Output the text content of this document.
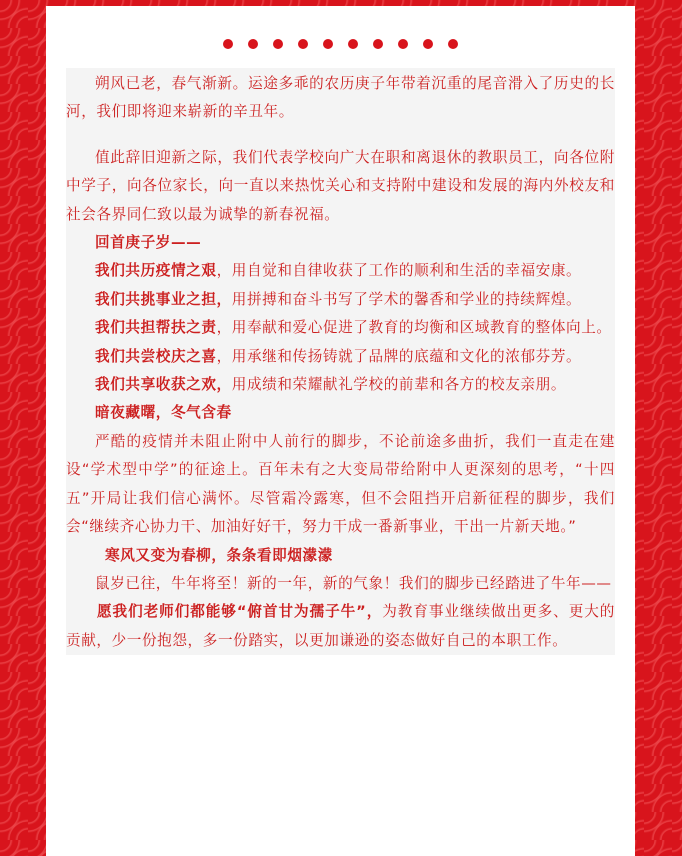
朔风已老，春气渐新。运途多乖的农历庚子年带着沉重的尾音滑入了历史的长河，我们即将迎来崭新的辛丑年。

值此辞旧迎新之际，我们代表学校向广大在职和离退休的教职员工，向各位附中学子，向各位家长，向一直以来热忱关心和支持附中建设和发展的海内外校友和社会各界同仁致以最为诚挚的新春祝福。

回首庚子岁——

我们共历疫情之艰，用自觉和自律收获了工作的顺利和生活的幸福安康。

我们共挑事业之担，用拼搏和奋斗书写了学术的馨香和学业的持续辉煌。

我们共担帮扶之责，用奉献和爱心促进了教育的均衡和区域教育的整体向上。

我们共尝校庆之喜，用承继和传扬铸就了品牌的底蕴和文化的浓郁芬芳。

我们共享收获之欢，用成绩和荣耀献礼学校的前辈和各方的校友亲朋。

暗夜藏曙，冬气含春

严酷的疫情并未阻止附中人前行的脚步，不论前途多曲折，我们一直走在建设“学术型中学”的征途上。百年未有之大变局带给附中人更深刻的思考，“十四五”开局让我们信心满怀。尽管霜冷露寒，但不会阻挡开启新征程的脚步，我们会“继续齐心协力干、加油好好干，努力干成一番新事业，干出一片新天地。”

寒风又变为春柳，条条看即烟濛濛

鼠岁已往，牛年将至！新的一年，新的气象！我们的脚步已经踏进了牛年——

愿我们老师们都能够“俯首甘为孺子牛”，为教育事业继续做出更多、更大的贡献，少一份抱怨，多一份踏实，以更加谦逊的姿态做好自己的本职工作。
